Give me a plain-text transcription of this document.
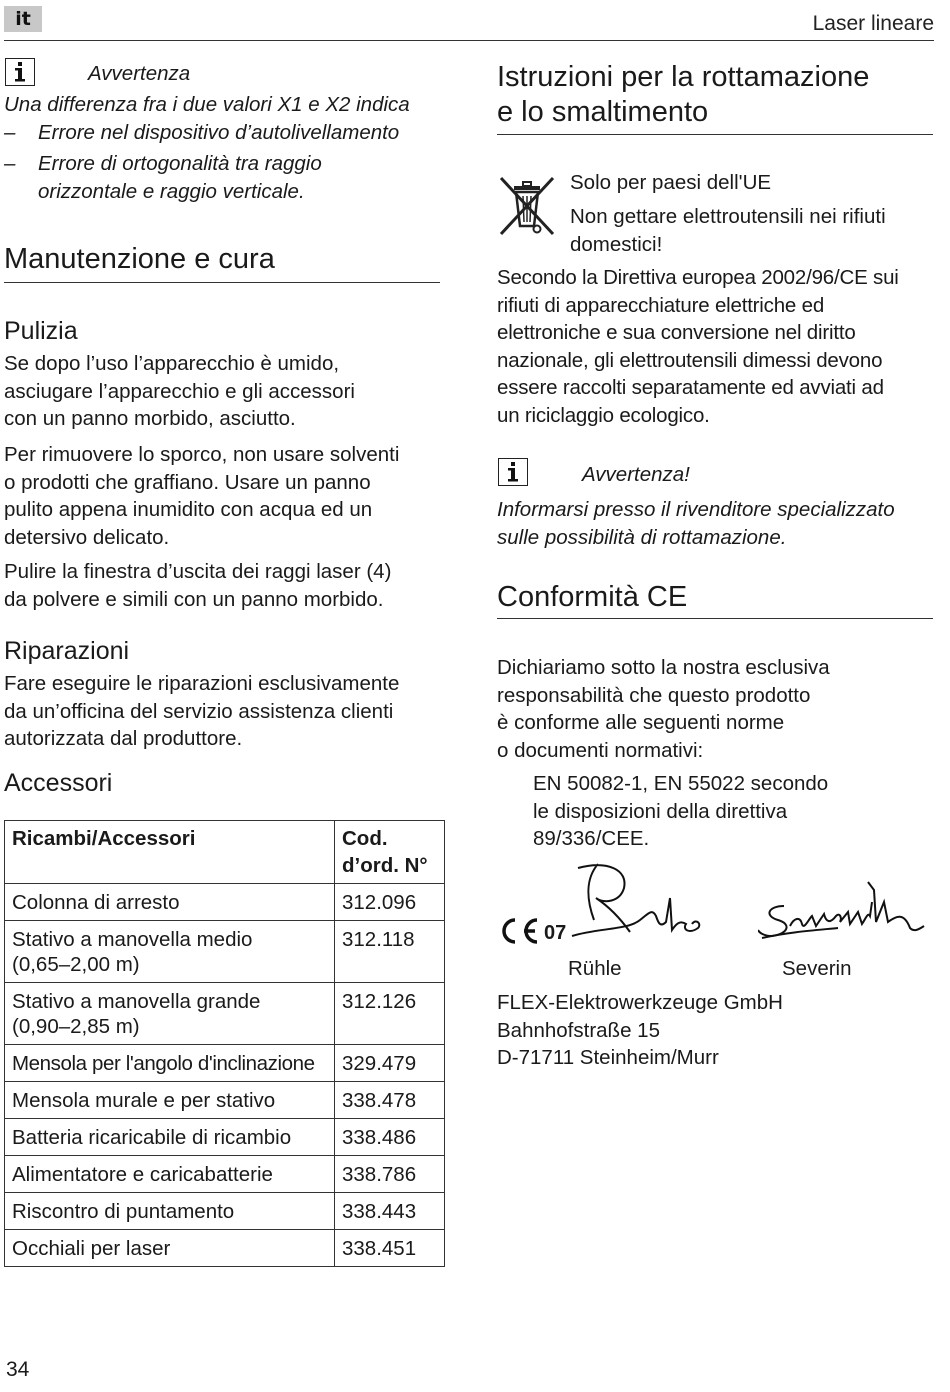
it	Laser lineare
Avvertenza
Una differenza fra i due valori X1 e X2 indica
– Errore nel dispositivo d’autolivellamento
– Errore di ortogonalità tra raggio
orizzontale e raggio verticale.
Manutenzione e cura
Pulizia
Se dopo l’uso l’apparecchio è umido,
asciugare l’apparecchio e gli accessori
con un panno morbido, asciutto.
Per rimuovere lo sporco, non usare solventi
o prodotti che graffiano. Usare un panno
pulito appena inumidito con acqua ed un
detersivo delicato.
Pulire la finestra d’uscita dei raggi laser (4)
da polvere e simili con un panno morbido.
Riparazioni
Fare eseguire le riparazioni esclusivamente
da un’officina del servizio assistenza clienti
autorizzata dal produttore.
Accessori
Ricambi/Accessori	Cod.
d’ord. N°

Colonna di arresto	312.096

Stativo a manovella medio
(0,65–2,00 m)	312.118

Stativo a manovella grande
(0,90–2,85 m)	312.126

Mensola per l'angolo d'inclinazione	329.479

Mensola murale e per stativo	338.478

Batteria ricaricabile di ricambio	338.486

Alimentatore e caricabatterie	338.786

Riscontro di puntamento	338.443

Occhiali per laser	338.451
34
Istruzioni per la rottamazione
e lo smaltimento
Solo per paesi dell'UE
Non gettare elettroutensili nei rifiuti
domestici!
Secondo la Direttiva europea 2002/96/CE sui
rifiuti di apparecchiature elettriche ed
elettroniche e sua conversione nel diritto
nazionale, gli elettroutensili dimessi devono
essere raccolti separatamente ed avviati ad
un riciclaggio ecologico.
Avvertenza!
Informarsi presso il rivenditore specializzato
sulle possibilità di rottamazione.
Conformità CE
Dichiariamo sotto la nostra esclusiva
responsabilità che questo prodotto
è conforme alle seguenti norme
o documenti normativi:
EN 50082-1, EN 55022 secondo
le disposizioni della direttiva
89/336/CEE.
07
Rühle	Severin
FLEX-Elektrowerkzeuge GmbH
Bahnhofstraße 15
D-71711 Steinheim/Murr
